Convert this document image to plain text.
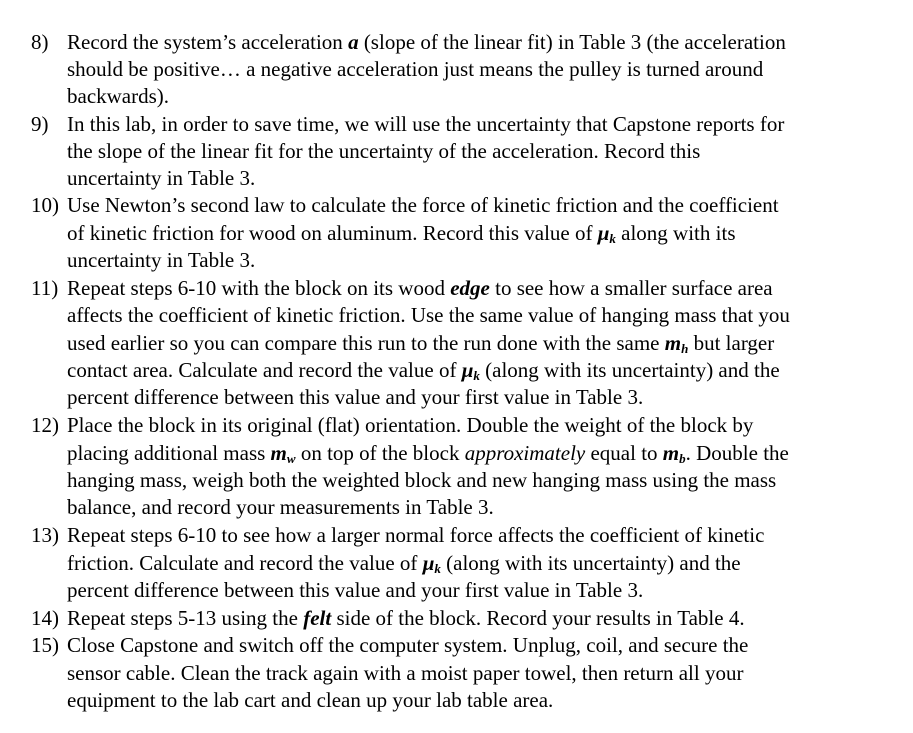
8) Record the system’s acceleration a (slope of the linear fit) in Table 3 (the acceleration
should be positive… a negative acceleration just means the pulley is turned around
backwards).
9) In this lab, in order to save time, we will use the uncertainty that Capstone reports for
the slope of the linear fit for the uncertainty of the acceleration. Record this
uncertainty in Table 3.
10) Use Newton’s second law to calculate the force of kinetic friction and the coefficient
of kinetic friction for wood on aluminum. Record this value of $\mu_k$ along with its
uncertainty in Table 3.
11) Repeat steps 6-10 with the block on its wood edge to see how a smaller surface area
affects the coefficient of kinetic friction. Use the same value of hanging mass that you
used earlier so you can compare this run to the run done with the same $m_h$ but larger
contact area. Calculate and record the value of $\mu_k$ (along with its uncertainty) and the
percent difference between this value and your first value in Table 3.
12) Place the block in its original (flat) orientation. Double the weight of the block by
placing additional mass $m_w$ on top of the block approximately equal to $m_b$. Double the
hanging mass, weigh both the weighted block and new hanging mass using the mass
balance, and record your measurements in Table 3.
13) Repeat steps 6-10 to see how a larger normal force affects the coefficient of kinetic
friction. Calculate and record the value of $\mu_k$ (along with its uncertainty) and the
percent difference between this value and your first value in Table 3.
14) Repeat steps 5-13 using the felt side of the block. Record your results in Table 4.
15) Close Capstone and switch off the computer system. Unplug, coil, and secure the
sensor cable. Clean the track again with a moist paper towel, then return all your
equipment to the lab cart and clean up your lab table area.
